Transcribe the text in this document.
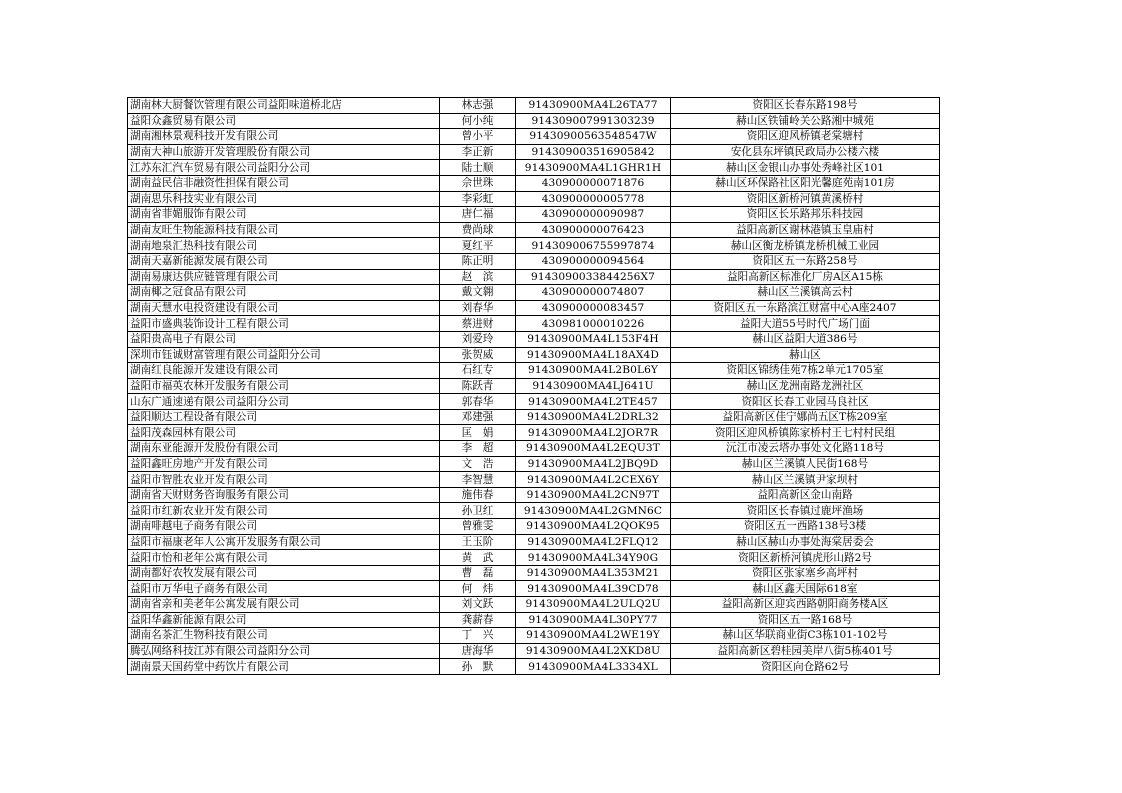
湖南林大厨餐饮管理有限公司益阳味道桥北店	林志强	91430900MA4L26TA77	资阳区长春东路198号
益阳众鑫贸易有限公司	何小纯	914309007991303239	赫山区铁铺岭关公路湘中城苑
湖南湘林景观科技开发有限公司	曾小平	91430900563548547W	资阳区迎风桥镇老棠塘村
湖南大神山旅游开发管理股份有限公司	李正新	914309003516905842	安化县东坪镇民政局办公楼六楼
江苏东汇汽车贸易有限公司益阳分公司	陆士顺	91430900MA4L1GHR1H	赫山区金银山办事处秀峰社区101
湖南益民信非融资性担保有限公司	佘世珠	430900000071876	赫山区环保路社区阳光馨庭苑南101房
湖南思乐科技实业有限公司	李彩虹	430900000005778	资阳区新桥河镇黄溪桥村
湖南省菲媚服饰有限公司	唐仁福	430900000090987	资阳区长乐路邦乐科技园
湖南友旺生物能源科技有限公司	费尚球	430900000076423	益阳高新区谢林港镇玉皇庙村
湖南地泉汇热科技有限公司	夏红平	914309006755997874	赫山区衡龙桥镇龙桥机械工业园
湖南天嘉新能源发展有限公司	陈正明	430900000094564	资阳区五一东路258号
湖南易康达供应链管理有限公司	赵　滨	9143090033844256X7	益阳高新区标准化厂房A区A15栋
湖南椰之冠食品有限公司	戴文翱	430900000074807	赫山区兰溪镇高云村
湖南天慧水电投资建设有限公司	刘春华	430900000083457	资阳区五一东路滨江财富中心A座2407
益阳市盛典装饰设计工程有限公司	蔡进财	430981000010226	益阳大道55号时代广场门面
益阳贵高电子有限公司	刘爱玲	91430900MA4L153F4H	赫山区益阳大道386号
深圳市钰诚财富管理有限公司益阳分公司	张贺威	91430900MA4L18AX4D	赫山区
湖南红良能源开发建设有限公司	石红专	91430900MA4L2B0L6Y	资阳区锦绣佳苑7栋2单元1705室
益阳市福英农林开发服务有限公司	陈跃青	91430900MA4LJ641U	赫山区龙洲南路龙洲社区
山东广通速递有限公司益阳分公司	郭春华	91430900MA4L2TE457	资阳区长春工业园马良社区
益阳顺达工程设备有限公司	邓建强	91430900MA4L2DRL32	益阳高新区佳宁娜尚五区T栋209室
益阳茂森园林有限公司	匡　娟	91430900MA4L2JOR7R	资阳区迎风桥镇陈家桥村王七村村民组
湖南东亚能源开发股份有限公司	李　超	91430900MA4L2EQU3T	沅江市凌云塔办事处文化路118号
益阳鑫旺房地产开发有限公司	文　浩	91430900MA4L2JBQ9D	赫山区兰溪镇人民街168号
益阳市智胜农业开发有限公司	李智慧	91430900MA4L2CEX6Y	赫山区兰溪镇尹家坝村
湖南省天财财务咨询服务有限公司	施伟春	91430900MA4L2CN97T	益阳高新区金山南路
益阳市红新农业开发有限公司	孙卫红	91430900MA4L2GMN6C	资阳区长春镇过鹿坪渔场
湖南啡越电子商务有限公司	曾雅雯	91430900MA4L2QOK95	资阳区五一西路138号3楼
益阳市福康老年人公寓开发服务有限公司	王玉阶	91430900MA4L2FLQ12	赫山区赫山办事处海棠居委会
益阳市怡和老年公寓有限公司	黄　武	91430900MA4L34Y90G	资阳区新桥河镇虎形山路2号
湖南都好农牧发展有限公司	曹　磊	91430900MA4L353M21	资阳区张家塞乡高坪村
益阳市万华电子商务有限公司	何　炜	91430900MA4L39CD78	赫山区鑫天国际618室
湖南省亲和美老年公寓发展有限公司	刘文跃	91430900MA4L2ULQ2U	益阳高新区迎宾西路朝阳商务楼A区
益阳华鑫新能源有限公司	龚薪春	91430900MA4L30PY77	资阳区五一路168号
湖南名茶汇生物科技有限公司	丁　兴	91430900MA4L2WE19Y	赫山区华联商业街C3栋101-102号
腾弘网络科技江苏有限公司益阳分公司	唐海华	91430900MA4L2XKD8U	益阳高新区碧桂园美岸八街5栋401号
湖南景天国药堂中药饮片有限公司	孙　默	91430900MA4L3334XL	资阳区向仓路62号
